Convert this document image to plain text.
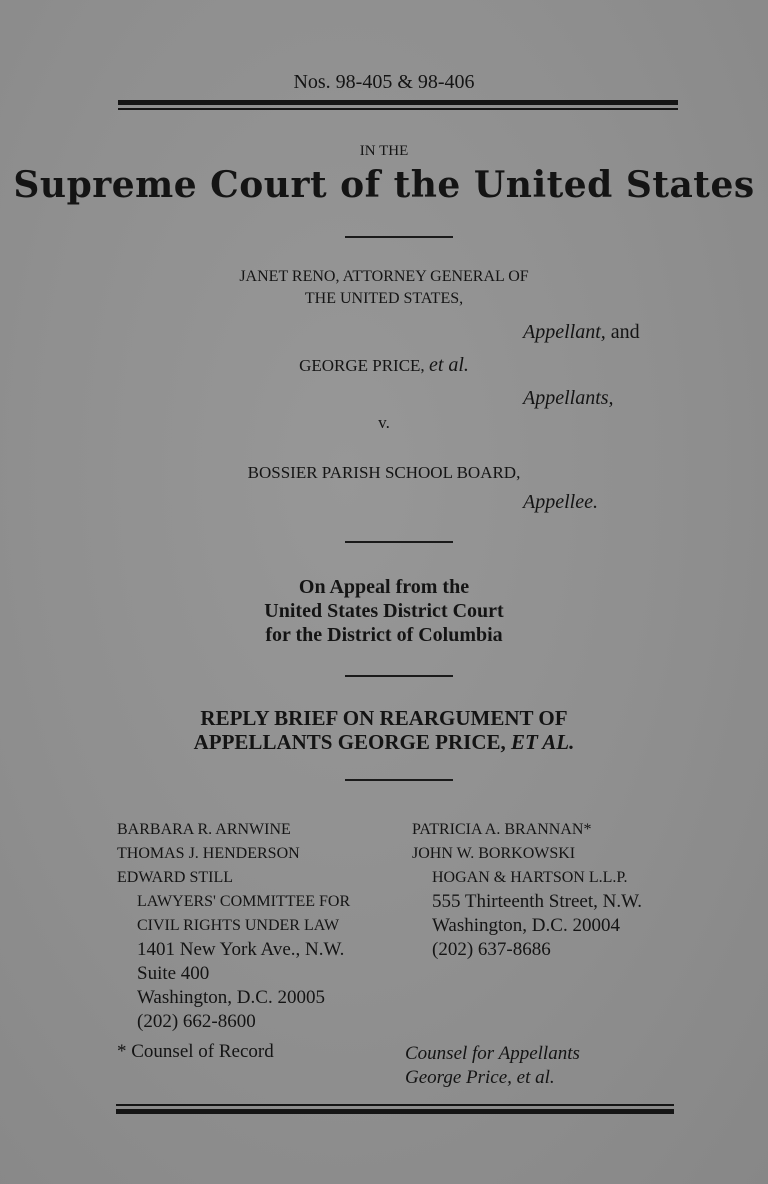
Nos. 98-405 & 98-406
IN THE
Supreme Court of the United States
JANET RENO, ATTORNEY GENERAL OF
THE UNITED STATES,
Appellant, and
GEORGE PRICE, et al.
Appellants,
v.
BOSSIER PARISH SCHOOL BOARD,
Appellee.
On Appeal from the
United States District Court
for the District of Columbia
REPLY BRIEF ON REARGUMENT OF
APPELLANTS GEORGE PRICE, ET AL.
BARBARA R. ARNWINE
THOMAS J. HENDERSON
EDWARD STILL
LAWYERS' COMMITTEE FOR
CIVIL RIGHTS UNDER LAW
1401 New York Ave., N.W.
Suite 400
Washington, D.C. 20005
(202) 662-8600
PATRICIA A. BRANNAN*
JOHN W. BORKOWSKI
HOGAN & HARTSON L.L.P.
555 Thirteenth Street, N.W.
Washington, D.C. 20004
(202) 637-8686
* Counsel of Record	Counsel for Appellants
George Price, et al.
